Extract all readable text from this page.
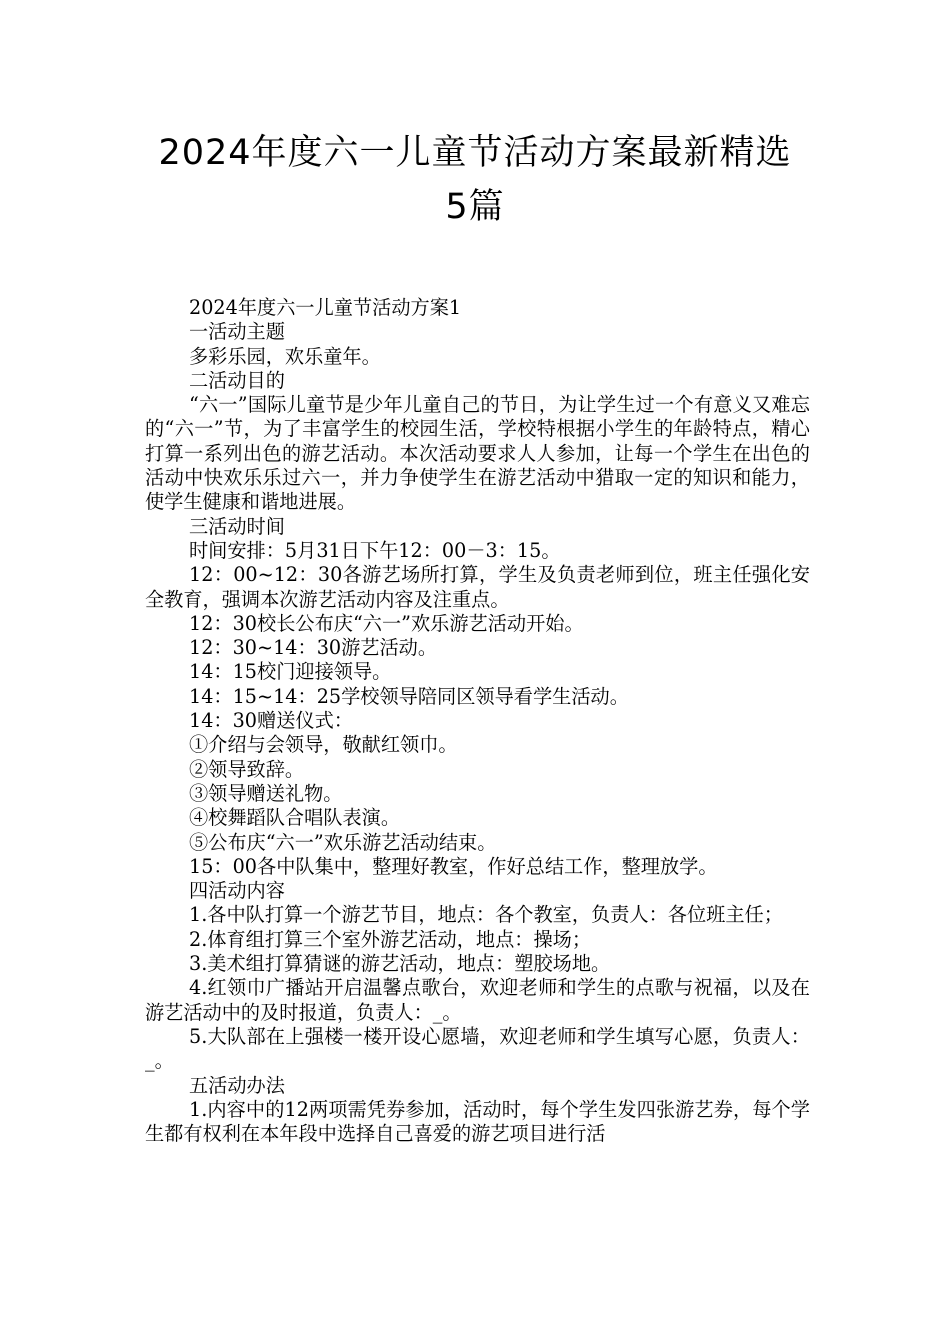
2024年度六一儿童节活动方案最新精选
5篇

2024年度六一儿童节活动方案1

一活动主题

多彩乐园，欢乐童年。

二活动目的

“六一”国际儿童节是少年儿童自己的节日，为让学生过一个有意义又难忘的“六一”节，为了丰富学生的校园生活，学校特根据小学生的年龄特点，精心打算一系列出色的游艺活动。本次活动要求人人参加，让每一个学生在出色的活动中快欢乐乐过六一，并力争使学生在游艺活动中猎取一定的知识和能力，使学生健康和谐地进展。

三活动时间

时间安排：5月31日下午12：00－3：15。

12：00~12：30各游艺场所打算，学生及负责老师到位，班主任强化安全教育，强调本次游艺活动内容及注重点。

12：30校长公布庆“六一”欢乐游艺活动开始。

12：30~14：30游艺活动。

14：15校门迎接领导。

14：15~14：25学校领导陪同区领导看学生活动。

14：30赠送仪式：

①介绍与会领导，敬献红领巾。

②领导致辞。

③领导赠送礼物。

④校舞蹈队合唱队表演。

⑤公布庆“六一”欢乐游艺活动结束。

15：00各中队集中，整理好教室，作好总结工作，整理放学。

四活动内容

1.各中队打算一个游艺节目，地点：各个教室，负责人：各位班主任；

2.体育组打算三个室外游艺活动，地点：操场；

3.美术组打算猜谜的游艺活动，地点：塑胶场地。

4.红领巾广播站开启温馨点歌台，欢迎老师和学生的点歌与祝福，以及在游艺活动中的及时报道，负责人：_。

5.大队部在上强楼一楼开设心愿墙，欢迎老师和学生填写心愿，负责人：_。

五活动办法

1.内容中的12两项需凭券参加，活动时，每个学生发四张游艺券，每个学生都有权利在本年段中选择自己喜爱的游艺项目进行活
